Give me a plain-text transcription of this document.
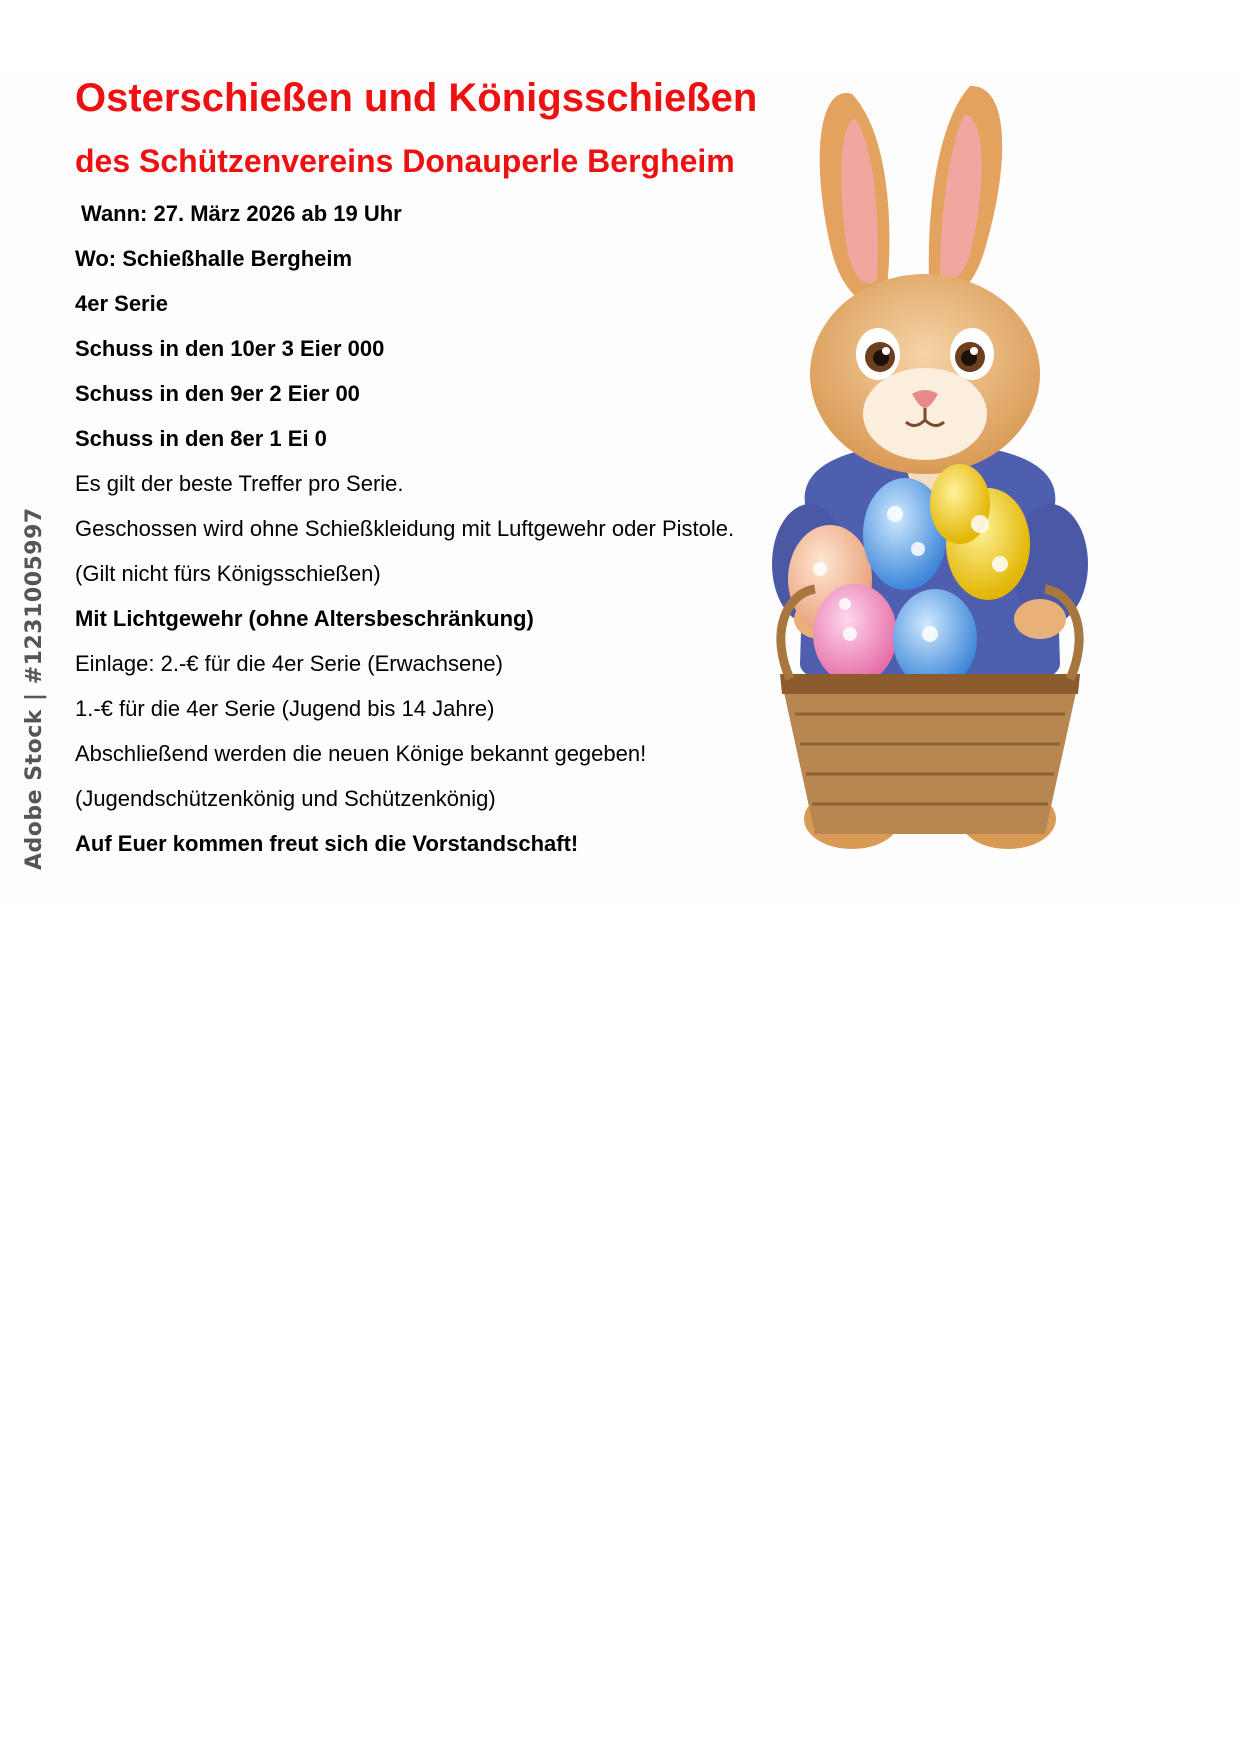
Adobe Stock | #1231005997
Osterschießen und Königsschießen
des Schützenvereins Donauperle Bergheim
Wann: 27. März 2026 ab 19 Uhr
Wo: Schießhalle Bergheim
4er Serie
Schuss in den 10er 3 Eier 000
Schuss in den 9er 2 Eier 00
Schuss in den 8er 1 Ei 0
Es gilt der beste Treffer pro Serie.
Geschossen wird ohne Schießkleidung mit Luftgewehr oder Pistole.
(Gilt nicht fürs Königsschießen)
Mit Lichtgewehr (ohne Altersbeschränkung)
Einlage: 2.-€ für die 4er Serie (Erwachsene)
1.-€ für die 4er Serie (Jugend bis 14 Jahre)
Abschließend werden die neuen Könige bekannt gegeben!
(Jugendschützenkönig und Schützenkönig)
Auf Euer kommen freut sich die Vorstandschaft!
